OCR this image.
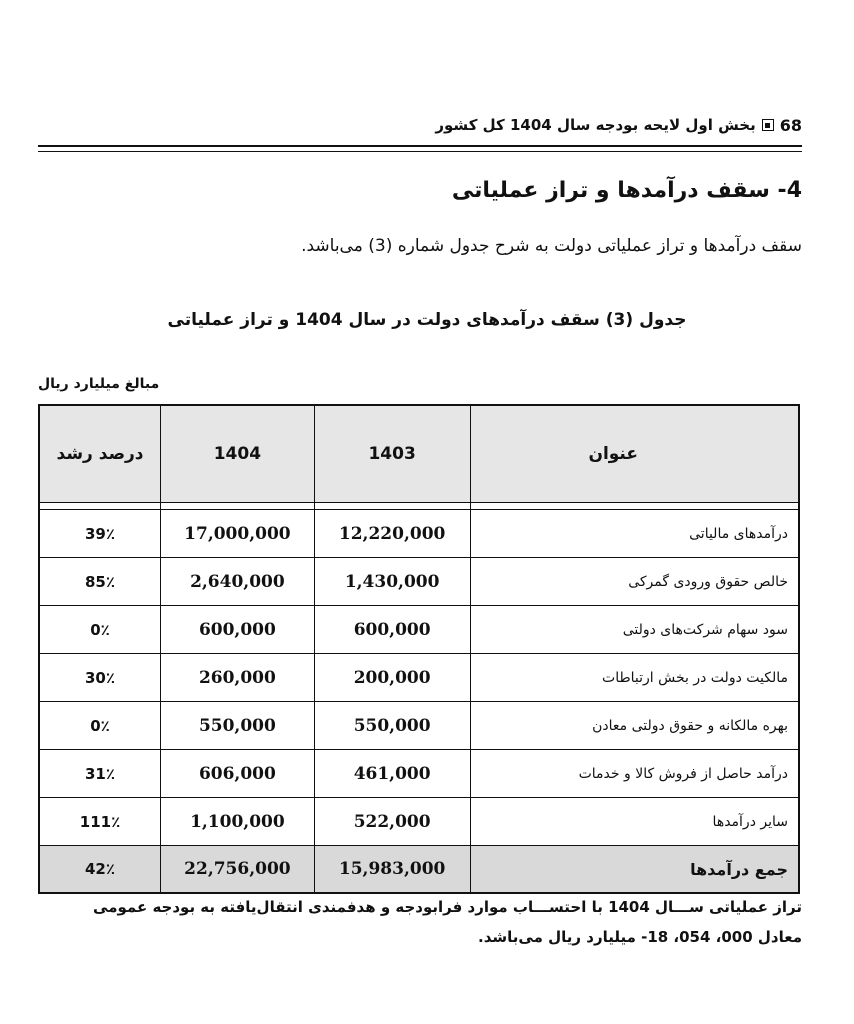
68
بخش اول لایحه بودجه سال 1404 کل کشور
4- سقف درآمدها و تراز عملیاتی
سقف درآمدها و تراز عملیاتی دولت به شرح جدول شماره (3) می‌باشد.
جدول (3) سقف درآمدهای دولت در سال 1404 و تراز عملیاتی
مبالغ میلیارد ریال
عنوان	1403	1404	درصد رشد

درآمدهای مالیاتی	12,220,000	17,000,000	39٪
خالص حقوق ورودی گمرکی	1,430,000	2,640,000	85٪
سود سهام شرکت‌های دولتی	600,000	600,000	0٪
مالکیت دولت در بخش ارتباطات	200,000	260,000	30٪
بهره مالکانه و حقوق دولتی معادن	550,000	550,000	0٪
درآمد حاصل از فروش کالا و خدمات	461,000	606,000	31٪
سایر درآمدها	522,000	1,100,000	111٪
جمع درآمدها	15,983,000	22,756,000	42٪
تراز عملیاتی ســـال 1404 با احتســـاب موارد فرابودجه و هدفمندی انتقال‌یافته به بودجه عمومی
معادل 000، 054، 18- میلیارد ریال می‌باشد.
